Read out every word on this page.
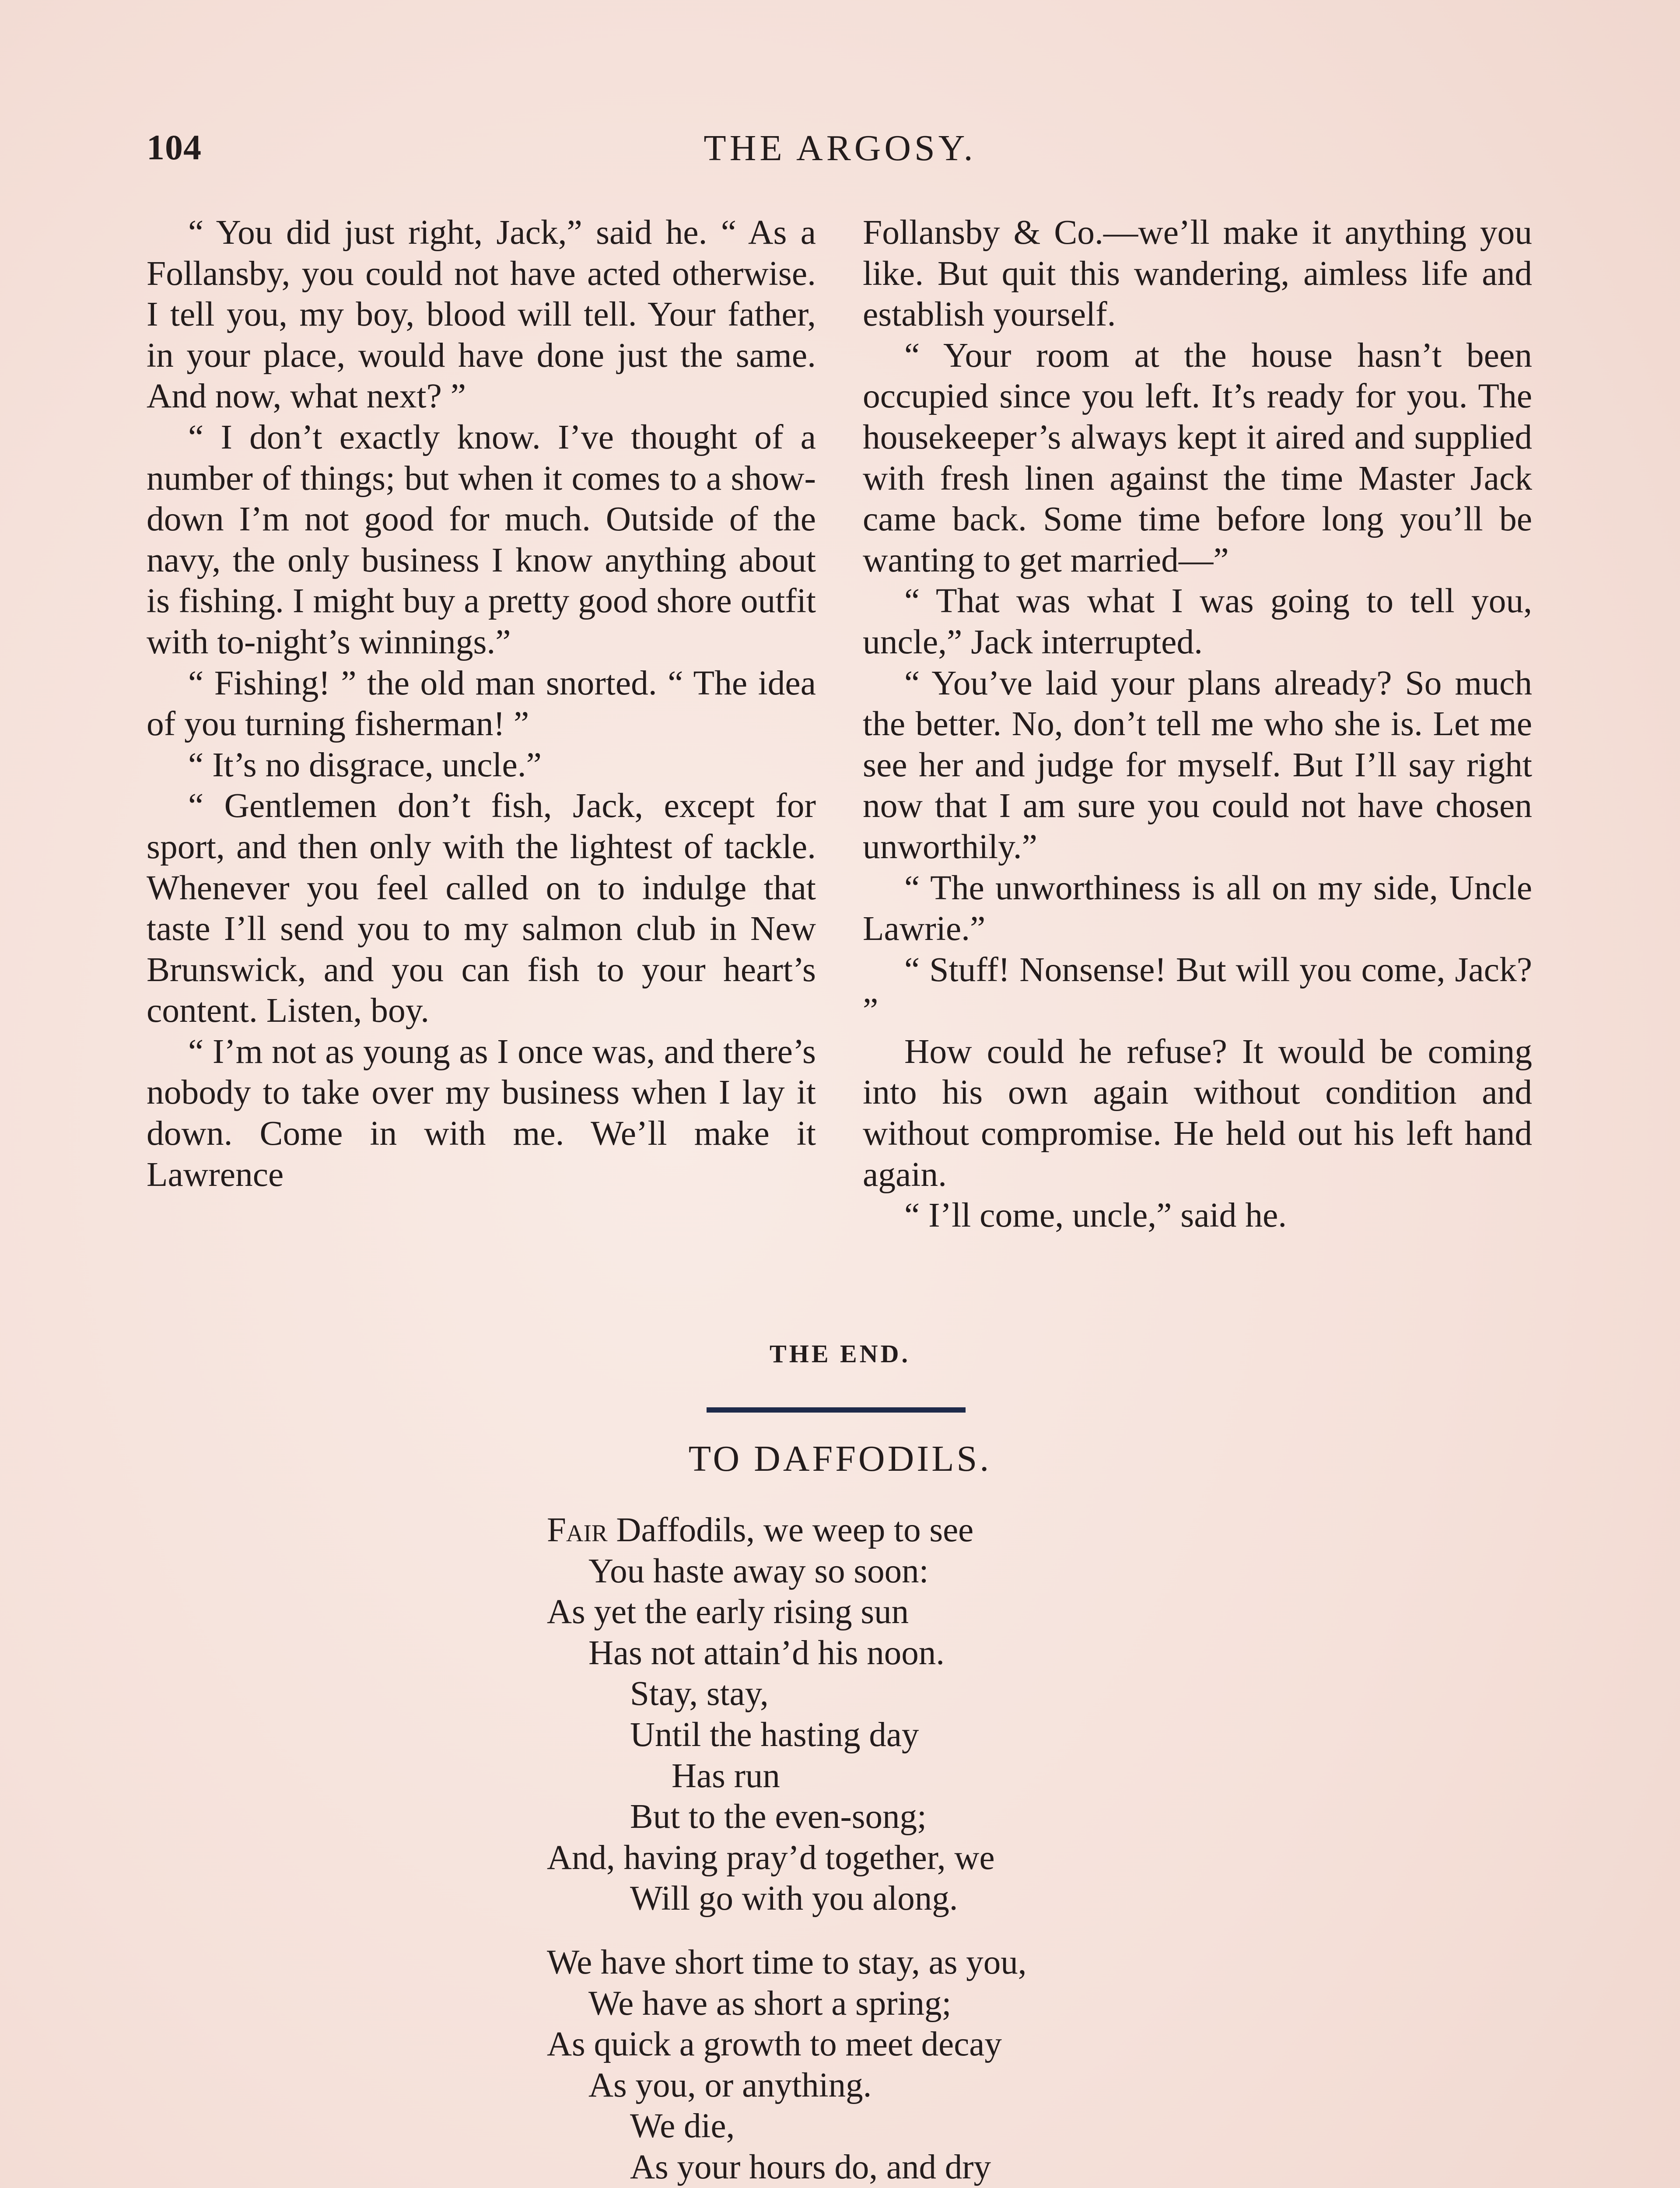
104	THE ARGOSY.

“ You did just right, Jack,” said he. “ As a Follansby, you could not have acted otherwise. I tell you, my boy, blood will tell. Your father, in your place, would have done just the same. And now, what next? ”

“ I don’t exactly know. I’ve thought of a number of things; but when it comes to a show-down I’m not good for much. Outside of the navy, the only business I know anything about is fishing. I might buy a pretty good shore outfit with to-night’s winnings.”

“ Fishing! ” the old man snorted. “ The idea of you turning fisherman! ”

“ It’s no disgrace, uncle.”

“ Gentlemen don’t fish, Jack, except for sport, and then only with the lightest of tackle. Whenever you feel called on to indulge that taste I’ll send you to my salmon club in New Brunswick, and you can fish to your heart’s content. Listen, boy.

“ I’m not as young as I once was, and there’s nobody to take over my business when I lay it down. Come in with me. We’ll make it Lawrence

Follansby & Co.—we’ll make it anything you like. But quit this wandering, aimless life and establish yourself.

“ Your room at the house hasn’t been occupied since you left. It’s ready for you. The housekeeper’s always kept it aired and supplied with fresh linen against the time Master Jack came back. Some time before long you’ll be wanting to get married—”

“ That was what I was going to tell you, uncle,” Jack interrupted.

“ You’ve laid your plans already? So much the better. No, don’t tell me who she is. Let me see her and judge for myself. But I’ll say right now that I am sure you could not have chosen unworthily.”

“ The unworthiness is all on my side, Uncle Lawrie.”

“ Stuff! Nonsense! But will you come, Jack? ”

How could he refuse? It would be coming into his own again without condition and without compromise. He held out his left hand again.

“ I’ll come, uncle,” said he.

THE END.
TO DAFFODILS.
Fair Daffodils, we weep to see
You haste away so soon:
As yet the early rising sun
Has not attain’d his noon.
Stay, stay,
Until the hasting day
Has run
But to the even-song;
And, having pray’d together, we
Will go with you along.
We have short time to stay, as you,
We have as short a spring;
As quick a growth to meet decay
As you, or anything.
We die,
As your hours do, and dry
